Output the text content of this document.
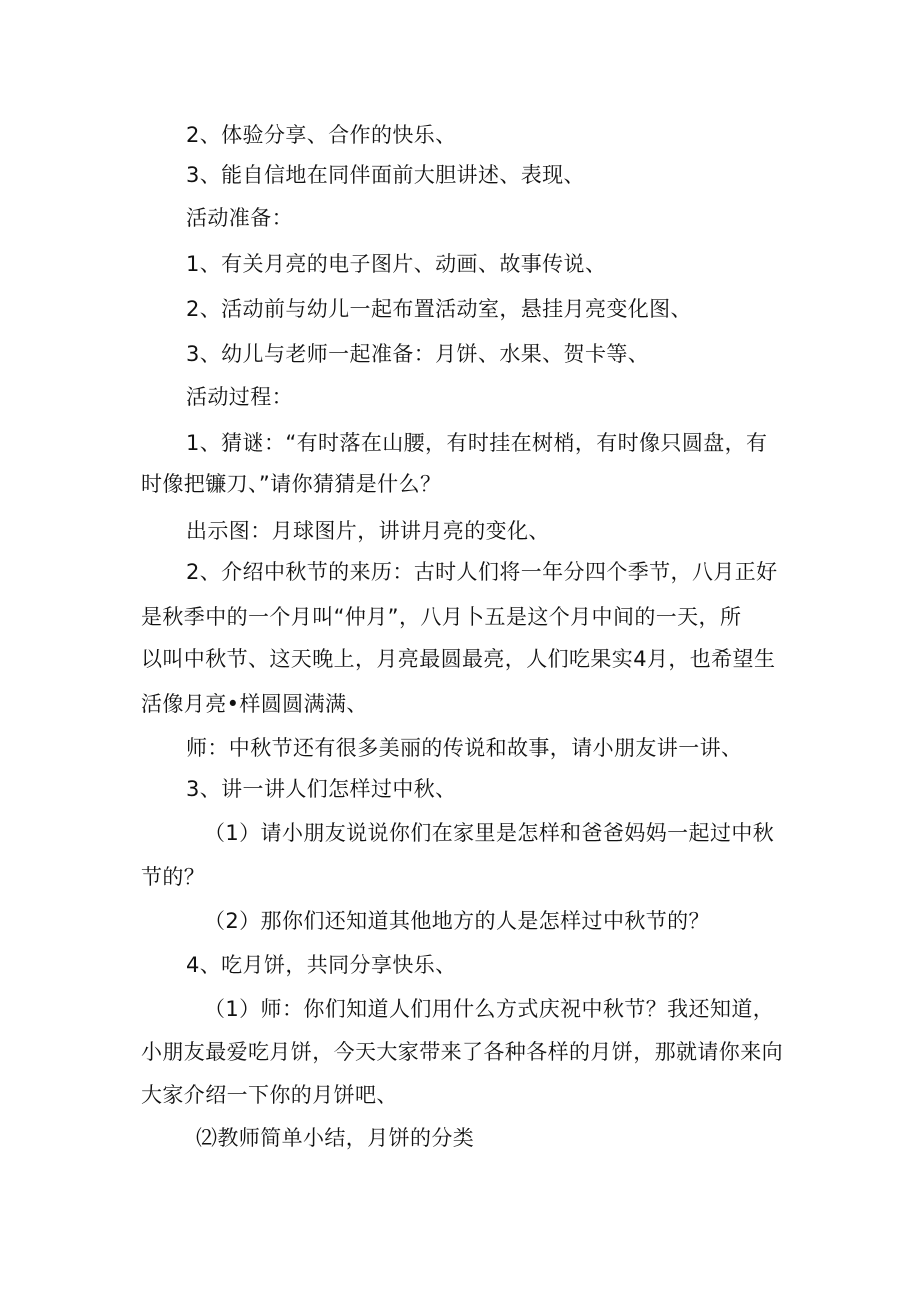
2、体验分享、合作的快乐、
3、能自信地在同伴面前大胆讲述、表现、
活动准备：
1、有关月亮的电子图片、动画、故事传说、
2、活动前与幼儿一起布置活动室，悬挂月亮变化图、
3、幼儿与老师一起准备：月饼、水果、贺卡等、
活动过程：
1、猜谜：“有时落在山腰，有时挂在树梢，有时像只圆盘，有
时像把镰刀、”请你猜猜是什么？
出示图：月球图片，讲讲月亮的变化、
2、介绍中秋节的来历：古时人们将一年分四个季节，八月正好
是秋季中的一个月叫“仲月”，八月卜五是这个月中间的一天，所
以叫中秋节、这天晚上，月亮最圆最亮，人们吃果实4月，也希望生
活像月亮•样圆圆满满、
师：中秋节还有很多美丽的传说和故事，请小朋友讲一讲、
3、讲一讲人们怎样过中秋、
（1）请小朋友说说你们在家里是怎样和爸爸妈妈一起过中秋
节的？
（2）那你们还知道其他地方的人是怎样过中秋节的？
4、吃月饼，共同分享快乐、
（1）师：你们知道人们用什么方式庆祝中秋节？我还知道，
小朋友最爱吃月饼，今天大家带来了各种各样的月饼，那就请你来向
大家介绍一下你的月饼吧、
⑵教师简单小结，月饼的分类
